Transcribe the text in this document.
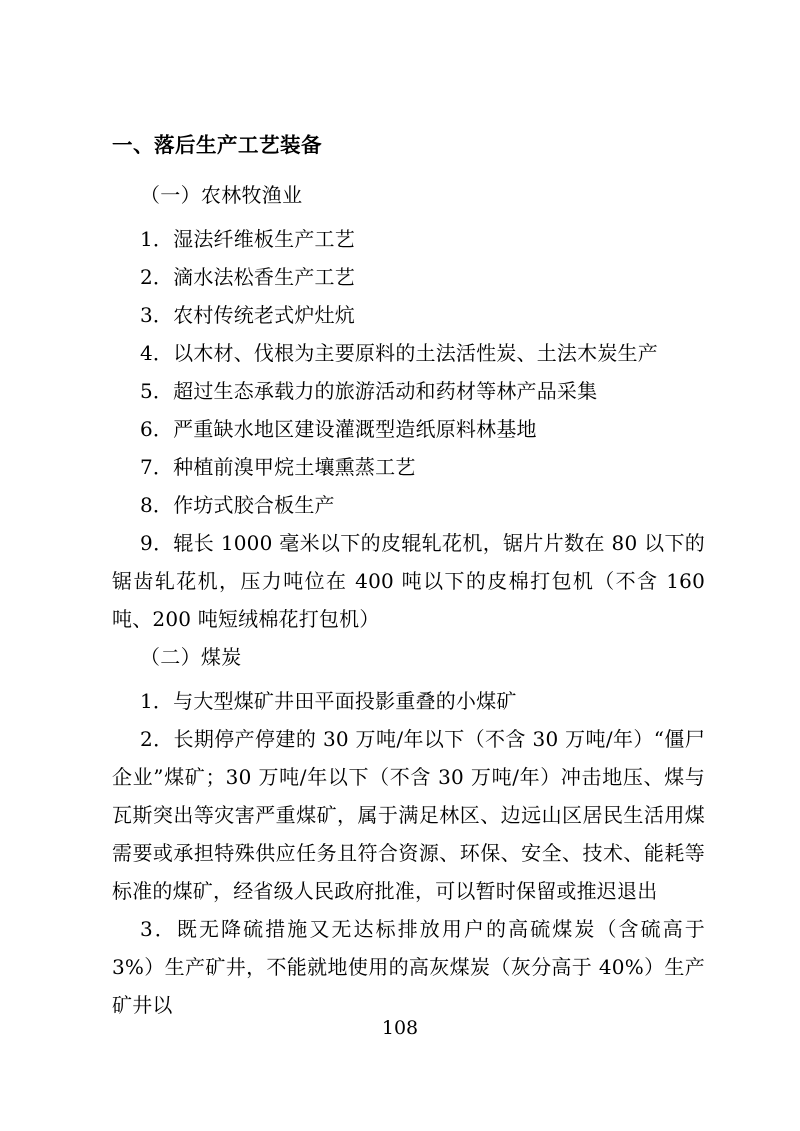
一、落后生产工艺装备

（一）农林牧渔业

1．湿法纤维板生产工艺

2．滴水法松香生产工艺

3．农村传统老式炉灶炕

4．以木材、伐根为主要原料的土法活性炭、土法木炭生产

5．超过生态承载力的旅游活动和药材等林产品采集

6．严重缺水地区建设灌溉型造纸原料林基地

7．种植前溴甲烷土壤熏蒸工艺

8．作坊式胶合板生产

9．辊长 1000 毫米以下的皮辊轧花机，锯片片数在 80 以下的锯齿轧花机，压力吨位在 400 吨以下的皮棉打包机（不含 160 吨、200 吨短绒棉花打包机）

（二）煤炭

1．与大型煤矿井田平面投影重叠的小煤矿

2．长期停产停建的 30 万吨/年以下（不含 30 万吨/年）“僵尸企业”煤矿；30 万吨/年以下（不含 30 万吨/年）冲击地压、煤与瓦斯突出等灾害严重煤矿，属于满足林区、边远山区居民生活用煤需要或承担特殊供应任务且符合资源、环保、安全、技术、能耗等标准的煤矿，经省级人民政府批准，可以暂时保留或推迟退出

3．既无降硫措施又无达标排放用户的高硫煤炭（含硫高于 3%）生产矿井，不能就地使用的高灰煤炭（灰分高于 40%）生产矿井以

108
